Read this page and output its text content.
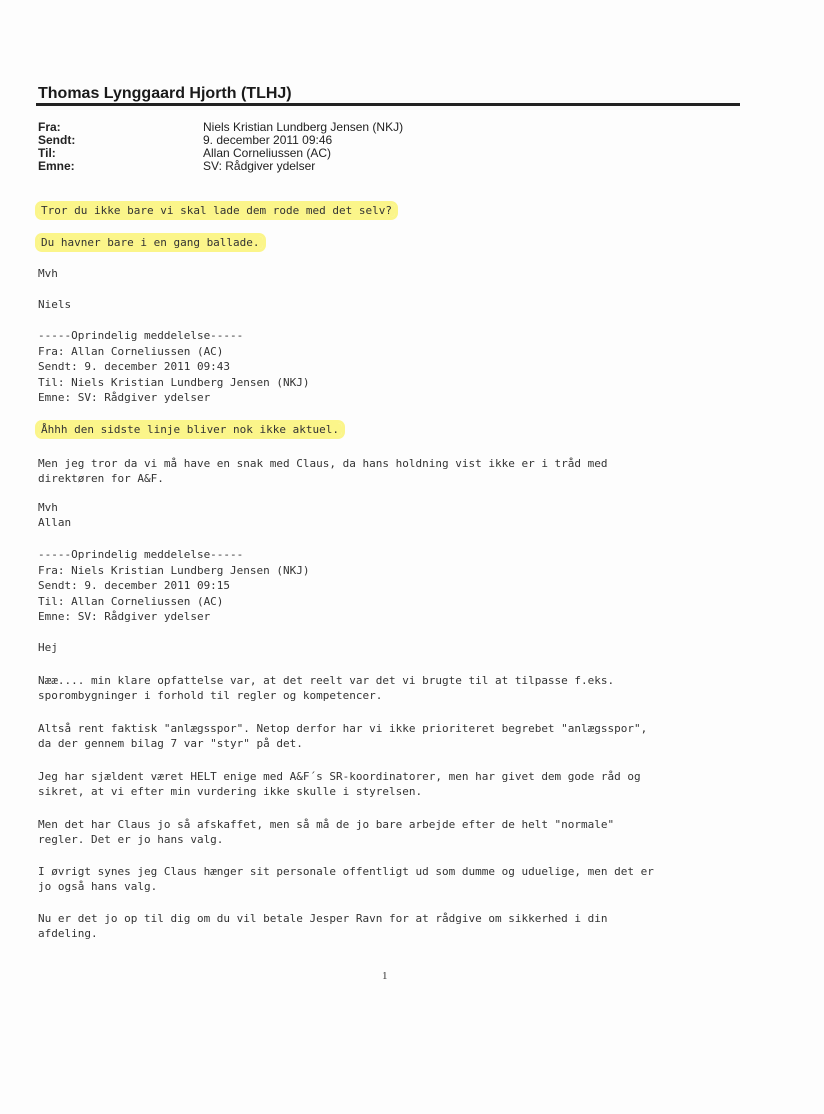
Thomas Lynggaard Hjorth (TLHJ)
Fra:	Niels Kristian Lundberg Jensen (NKJ)
Sendt:	9. december 2011 09:46
Til:	Allan Corneliussen (AC)
Emne:	SV: Rådgiver ydelser

Tror du ikke bare vi skal lade dem rode med det selv?

Du havner bare i en gang ballade.

Mvh

Niels

-----Oprindelig meddelelse-----

Fra: Allan Corneliussen (AC)

Sendt: 9. december 2011 09:43

Til: Niels Kristian Lundberg Jensen (NKJ)

Emne: SV: Rådgiver ydelser

Åhhh den sidste linje bliver nok ikke aktuel.

Men jeg tror da vi må have en snak med Claus, da hans holdning vist ikke er i tråd med

direktøren for A&F.

Mvh

Allan

-----Oprindelig meddelelse-----

Fra: Niels Kristian Lundberg Jensen (NKJ)

Sendt: 9. december 2011 09:15

Til: Allan Corneliussen (AC)

Emne: SV: Rådgiver ydelser

Hej

Nææ.... min klare opfattelse var, at det reelt var det vi brugte til at tilpasse f.eks.

sporombygninger i forhold til regler og kompetencer.

Altså rent faktisk "anlægsspor". Netop derfor har vi ikke prioriteret begrebet "anlægsspor",

da der gennem bilag 7 var "styr" på det.

Jeg har sjældent været HELT enige med A&F´s SR-koordinatorer, men har givet dem gode råd og

sikret, at vi efter min vurdering ikke skulle i styrelsen.

Men det har Claus jo så afskaffet, men så må de jo bare arbejde efter de helt "normale"

regler. Det er jo hans valg.

I øvrigt synes jeg Claus hænger sit personale offentligt ud som dumme og uduelige, men det er

jo også hans valg.

Nu er det jo op til dig om du vil betale Jesper Ravn for at rådgive om sikkerhed i din

afdeling.

1
